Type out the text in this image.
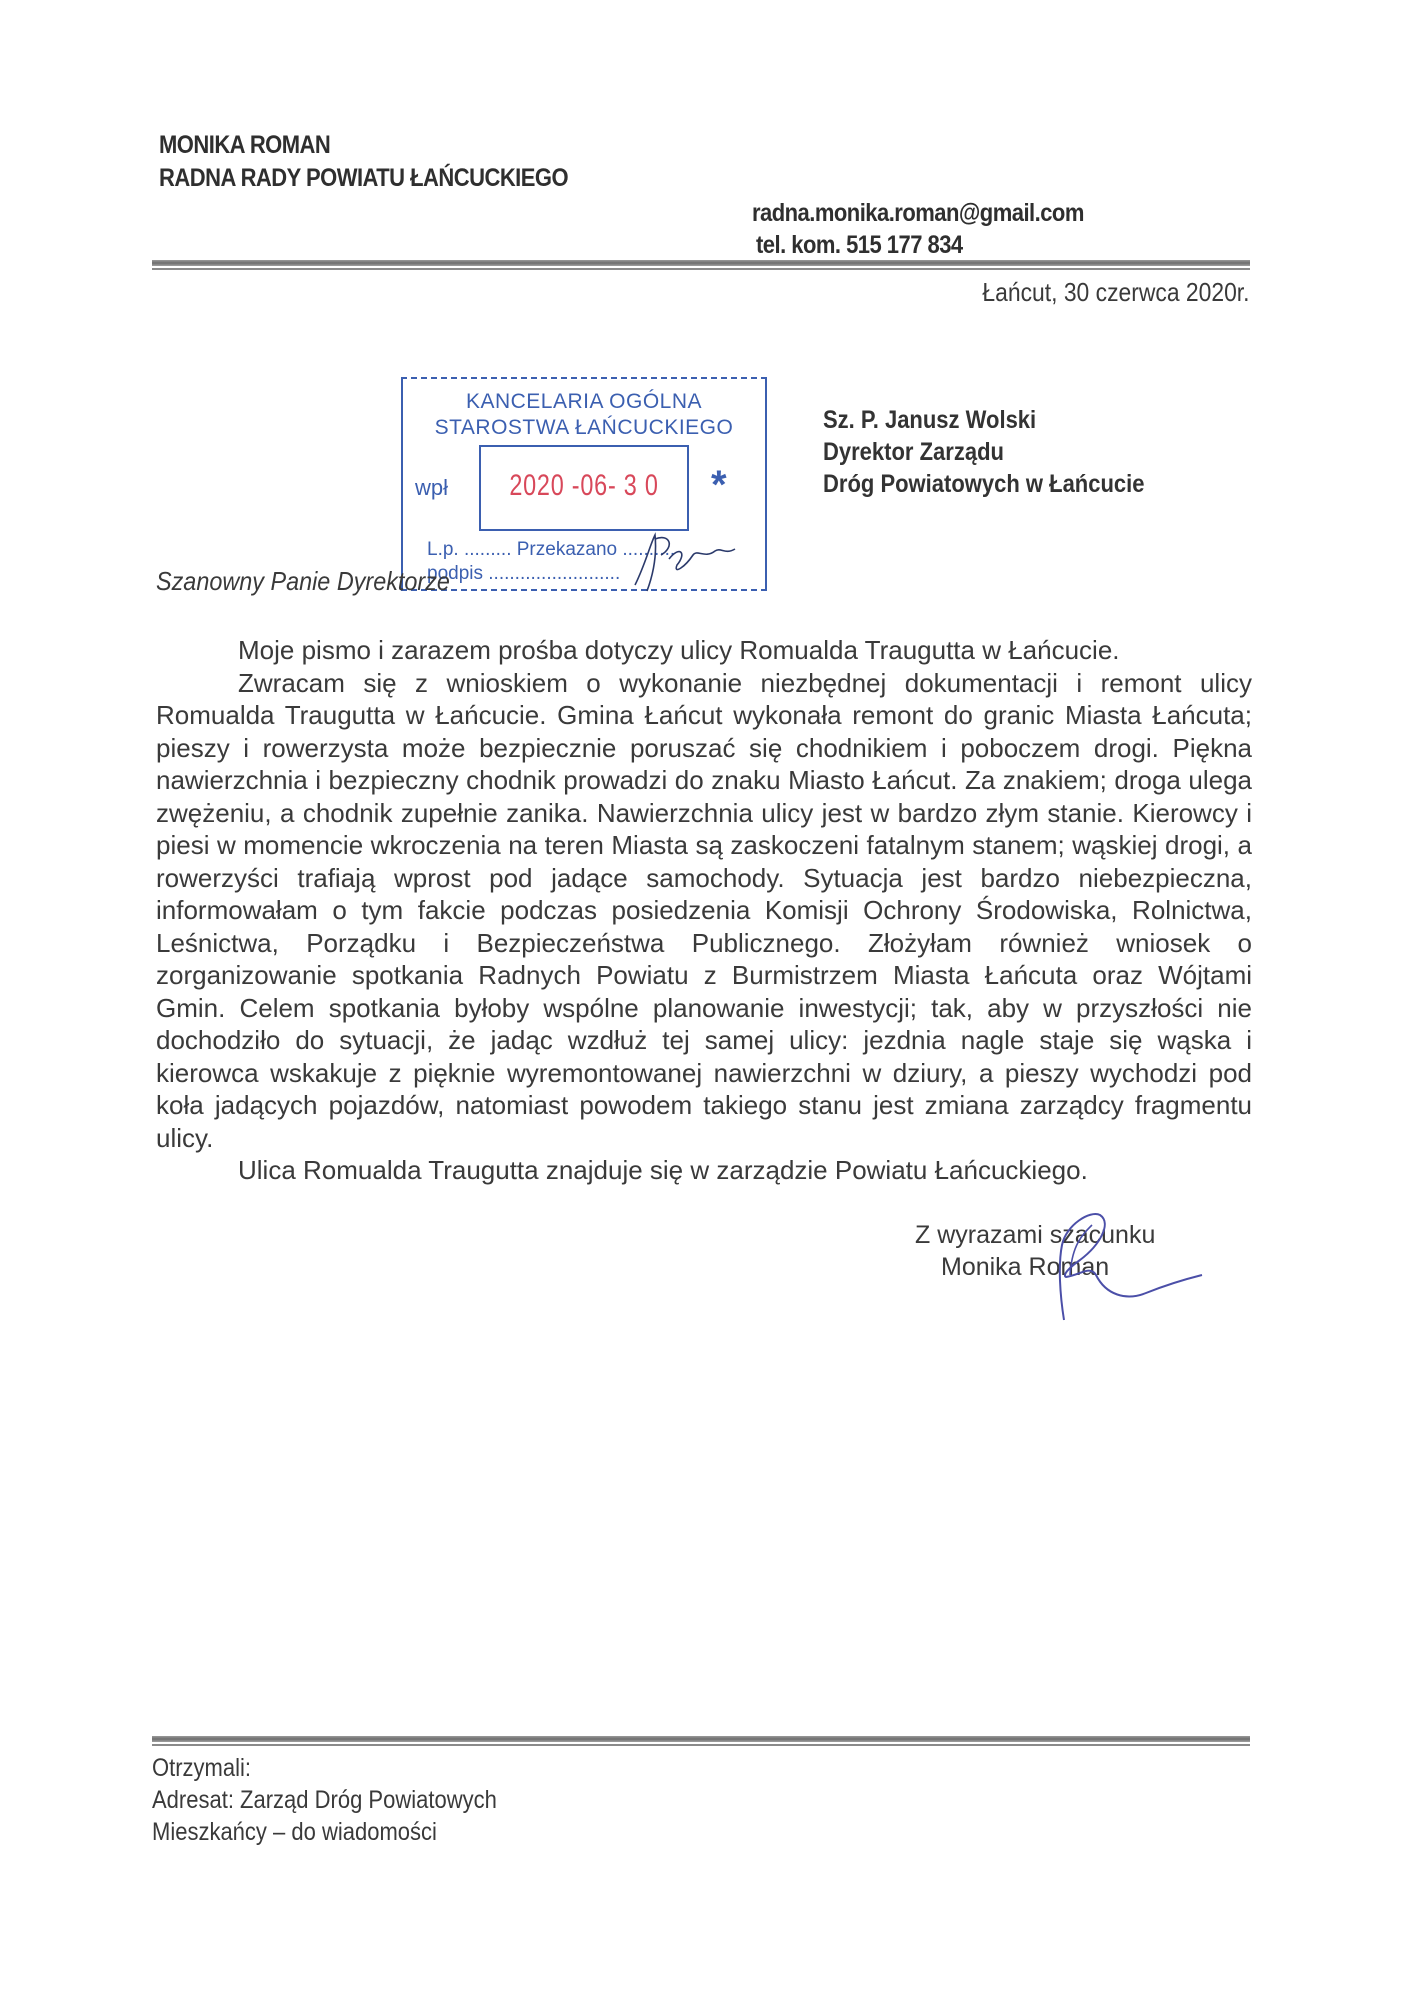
MONIKA ROMAN
RADNA RADY POWIATU ŁAŃCUCKIEGO
radna.monika.roman@gmail.com
tel. kom. 515 177 834
Łańcut, 30 czerwca 2020r.
KANCELARIA OGÓLNA
STAROSTWA ŁAŃCUCKIEGO
wpł 2020 -06- 3 0 *
L.p. ......... Przekazano ..........
podpis .........................
Sz. P. Janusz Wolski
Dyrektor Zarządu
Dróg Powiatowych w Łańcucie
Szanowny Panie Dyrektorze

Moje pismo i zarazem prośba dotyczy ulicy Romualda Traugutta w Łańcucie.

Zwracam się z wnioskiem o wykonanie niezbędnej dokumentacji i remont ulicy Romualda Traugutta w Łańcucie. Gmina Łańcut wykonała remont do granic Miasta Łańcuta; pieszy i rowerzysta może bezpiecznie poruszać się chodnikiem i poboczem drogi. Piękna nawierzchnia i bezpieczny chodnik prowadzi do znaku Miasto Łańcut. Za znakiem; droga ulega zwężeniu, a chodnik zupełnie zanika. Nawierzchnia ulicy jest w bardzo złym stanie. Kierowcy i piesi w momencie wkroczenia na teren Miasta są zaskoczeni fatalnym stanem; wąskiej drogi, a rowerzyści trafiają wprost pod jadące samochody. Sytuacja jest bardzo niebezpieczna, informowałam o tym fakcie podczas posiedzenia Komisji Ochrony Środowiska, Rolnictwa, Leśnictwa, Porządku i Bezpieczeństwa Publicznego. Złożyłam również wniosek o zorganizowanie spotkania Radnych Powiatu z Burmistrzem Miasta Łańcuta oraz Wójtami Gmin. Celem spotkania byłoby wspólne planowanie inwestycji; tak, aby w przyszłości nie dochodziło do sytuacji, że jadąc wzdłuż tej samej ulicy: jezdnia nagle staje się wąska i kierowca wskakuje z pięknie wyremontowanej nawierzchni w dziury, a pieszy wychodzi pod koła jadących pojazdów, natomiast powodem takiego stanu jest zmiana zarządcy fragmentu ulicy.

Ulica Romualda Traugutta znajduje się w zarządzie Powiatu Łańcuckiego.

Z wyrazami szacunku
Monika Roman
Otrzymali:
Adresat: Zarząd Dróg Powiatowych
Mieszkańcy – do wiadomości
